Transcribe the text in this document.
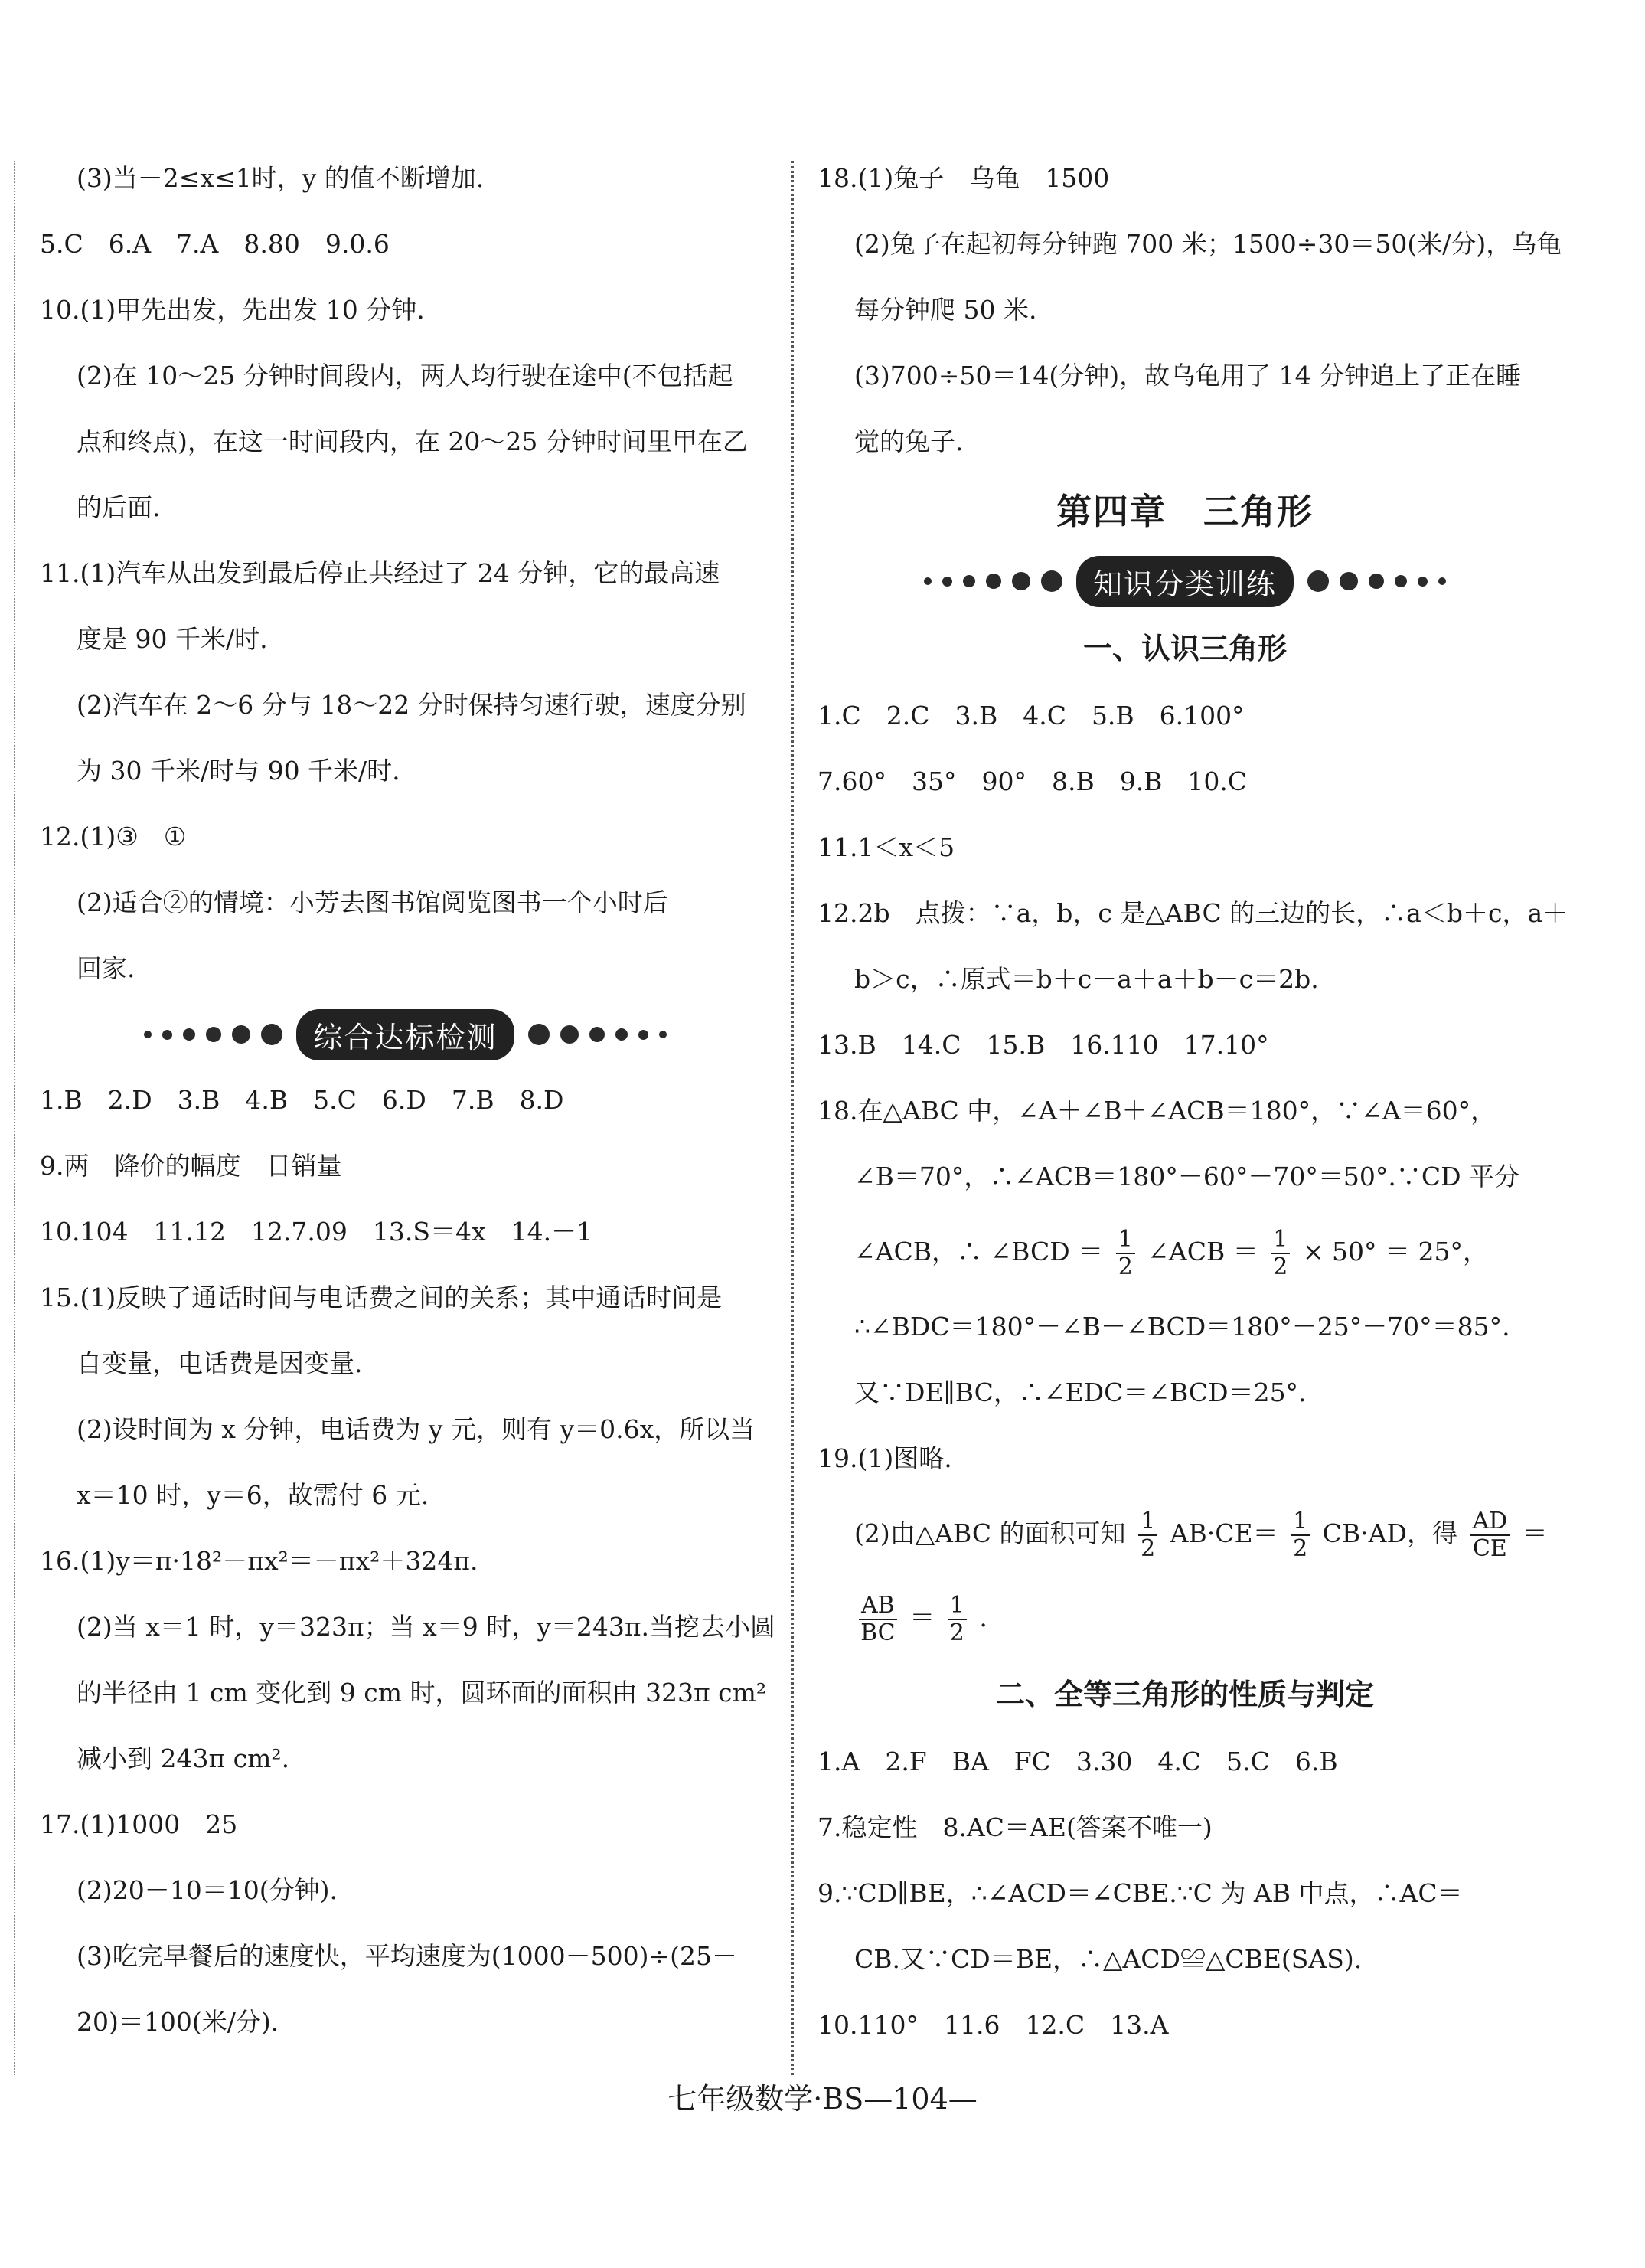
(3)当－2≤x≤1时，y 的值不断增加.
5.C　6.A　7.A　8.80　9.0.6
10.(1)甲先出发，先出发 10 分钟.
(2)在 10～25 分钟时间段内，两人均行驶在途中(不包括起
点和终点)，在这一时间段内，在 20～25 分钟时间里甲在乙
的后面.
11.(1)汽车从出发到最后停止共经过了 24 分钟，它的最高速
度是 90 千米/时.
(2)汽车在 2～6 分与 18～22 分时保持匀速行驶，速度分别
为 30 千米/时与 90 千米/时.
12.(1)③　①
(2)适合②的情境：小芳去图书馆阅览图书一个小时后
回家.
综合达标检测
1.B　2.D　3.B　4.B　5.C　6.D　7.B　8.D
9.两　降价的幅度　日销量
10.104　11.12　12.7.09　13.S＝4x　14.－1
15.(1)反映了通话时间与电话费之间的关系；其中通话时间是
自变量，电话费是因变量.
(2)设时间为 x 分钟，电话费为 y 元，则有 y＝0.6x，所以当
x＝10 时，y＝6，故需付 6 元.
16.(1)y＝π·18²－πx²＝－πx²＋324π.
(2)当 x＝1 时，y＝323π；当 x＝9 时，y＝243π.当挖去小圆
的半径由 1 cm 变化到 9 cm 时，圆环面的面积由 323π cm²
减小到 243π cm².
17.(1)1000　25
(2)20－10＝10(分钟).
(3)吃完早餐后的速度快，平均速度为(1000－500)÷(25－
20)＝100(米/分).
18.(1)兔子　乌龟　1500
(2)兔子在起初每分钟跑 700 米；1500÷30＝50(米/分)，乌龟
每分钟爬 50 米.
(3)700÷50＝14(分钟)，故乌龟用了 14 分钟追上了正在睡
觉的兔子.
第四章　三角形
知识分类训练
一、认识三角形
1.C　2.C　3.B　4.C　5.B　6.100°
7.60°　35°　90°　8.B　9.B　10.C
11.1＜x＜5
12.2b　点拨：∵a，b，c 是△ABC 的三边的长，∴a＜b＋c，a＋
b＞c，∴原式＝b＋c－a＋a＋b－c＝2b.
13.B　14.C　15.B　16.110　17.10°
18.在△ABC 中，∠A＋∠B＋∠ACB＝180°，∵∠A＝60°，
∠B＝70°，∴∠ACB＝180°－60°－70°＝50°.∵CD 平分
∠ACB，∴ ∠BCD ＝ $\frac{1}{2}$ ∠ACB ＝ $\frac{1}{2} \times 50^\circ = 25^\circ$，
∴∠BDC＝180°－∠B－∠BCD＝180°－25°－70°＝85°.
又∵DE∥BC，∴∠EDC＝∠BCD＝25°.
19.(1)图略.
(2)由△ABC 的面积可知 $\frac{1}{2} AB\cdot CE= \frac{1}{2} CB\cdot AD$，得 $\frac{AD}{CE}$ ＝
$\frac{AB}{BC} = \frac{1}{2}$ .
二、全等三角形的性质与判定
1.A　2.F　BA　FC　3.30　4.C　5.C　6.B
7.稳定性　8.AC＝AE(答案不唯一)
9.∵CD∥BE，∴∠ACD＝∠CBE.∵C 为 AB 中点，∴AC＝
CB.又∵CD＝BE，∴△ACD≌△CBE(SAS).
10.110°　11.6　12.C　13.A
七年级数学·BS—104—
